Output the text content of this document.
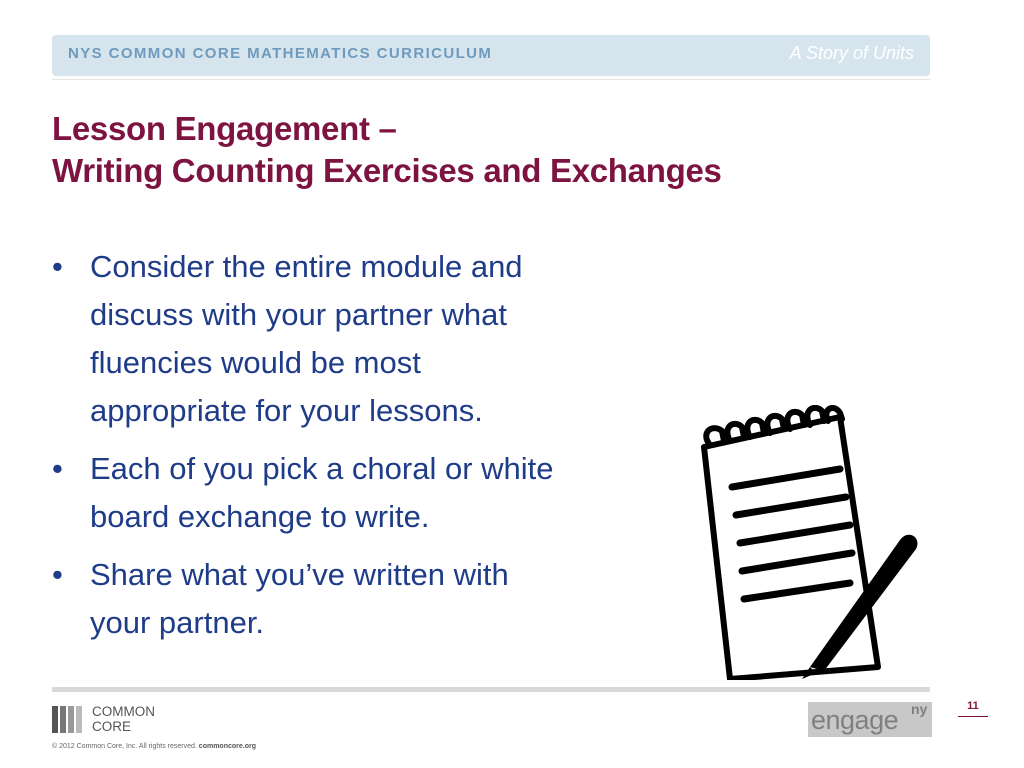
NYS COMMON CORE MATHEMATICS CURRICULUM	A Story of Units
Lesson Engagement –
Writing Counting Exercises and Exchanges
• Consider the entire module and
discuss with your partner what
fluencies would be most
appropriate for your lessons.
• Each of you pick a choral or white
board exchange to write.
• Share what you’ve written with
your partner.
COMMON
CORE
© 2012 Common Core, Inc. All rights reserved. commoncore.org
engage ny	11
